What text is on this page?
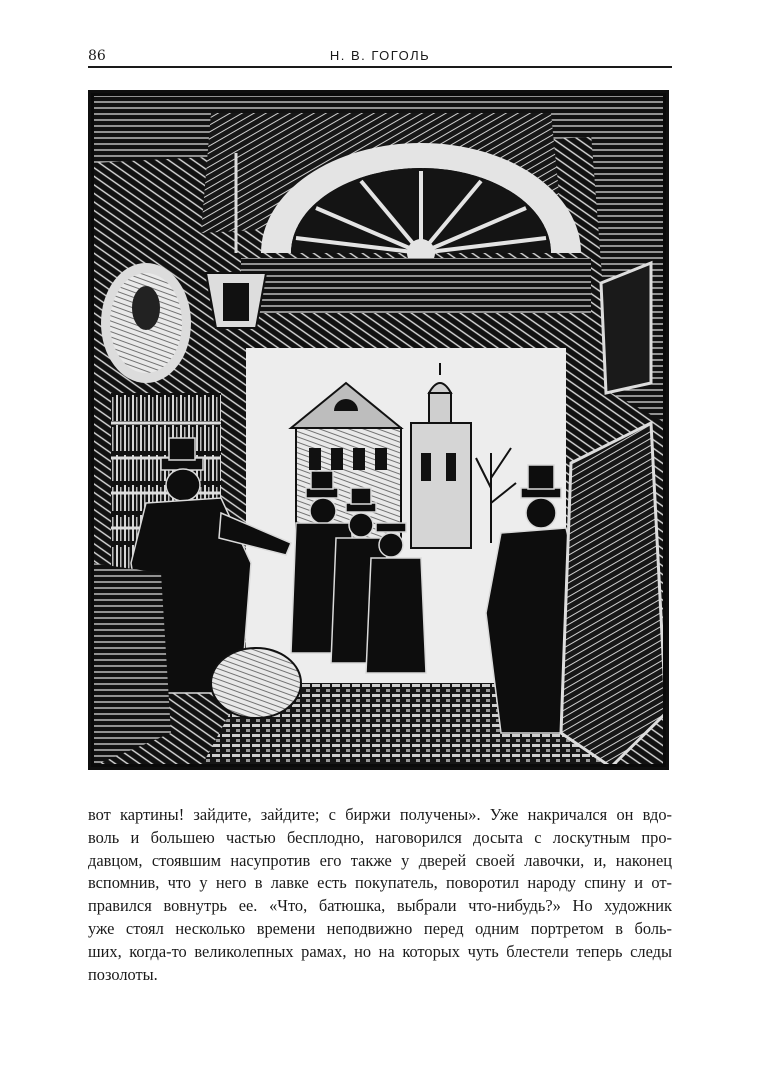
86	Н. В. ГОГОЛЬ
вот картины! зайдите, зайдите; с биржи получены». Уже накричался он вдо-
воль и большею частью бесплодно, наговорился досыта с лоскутным про-
давцом, стоявшим насупротив его также у дверей своей лавочки, и, наконец
вспомнив, что у него в лавке есть покупатель, поворотил народу спину и от-
правился вовнутрь ее. «Что, батюшка, выбрали что-нибудь?» Но художник
уже стоял несколько времени неподвижно перед одним портретом в боль-
ших, когда-то великолепных рамах, но на которых чуть блестели теперь следы
позолоты.
